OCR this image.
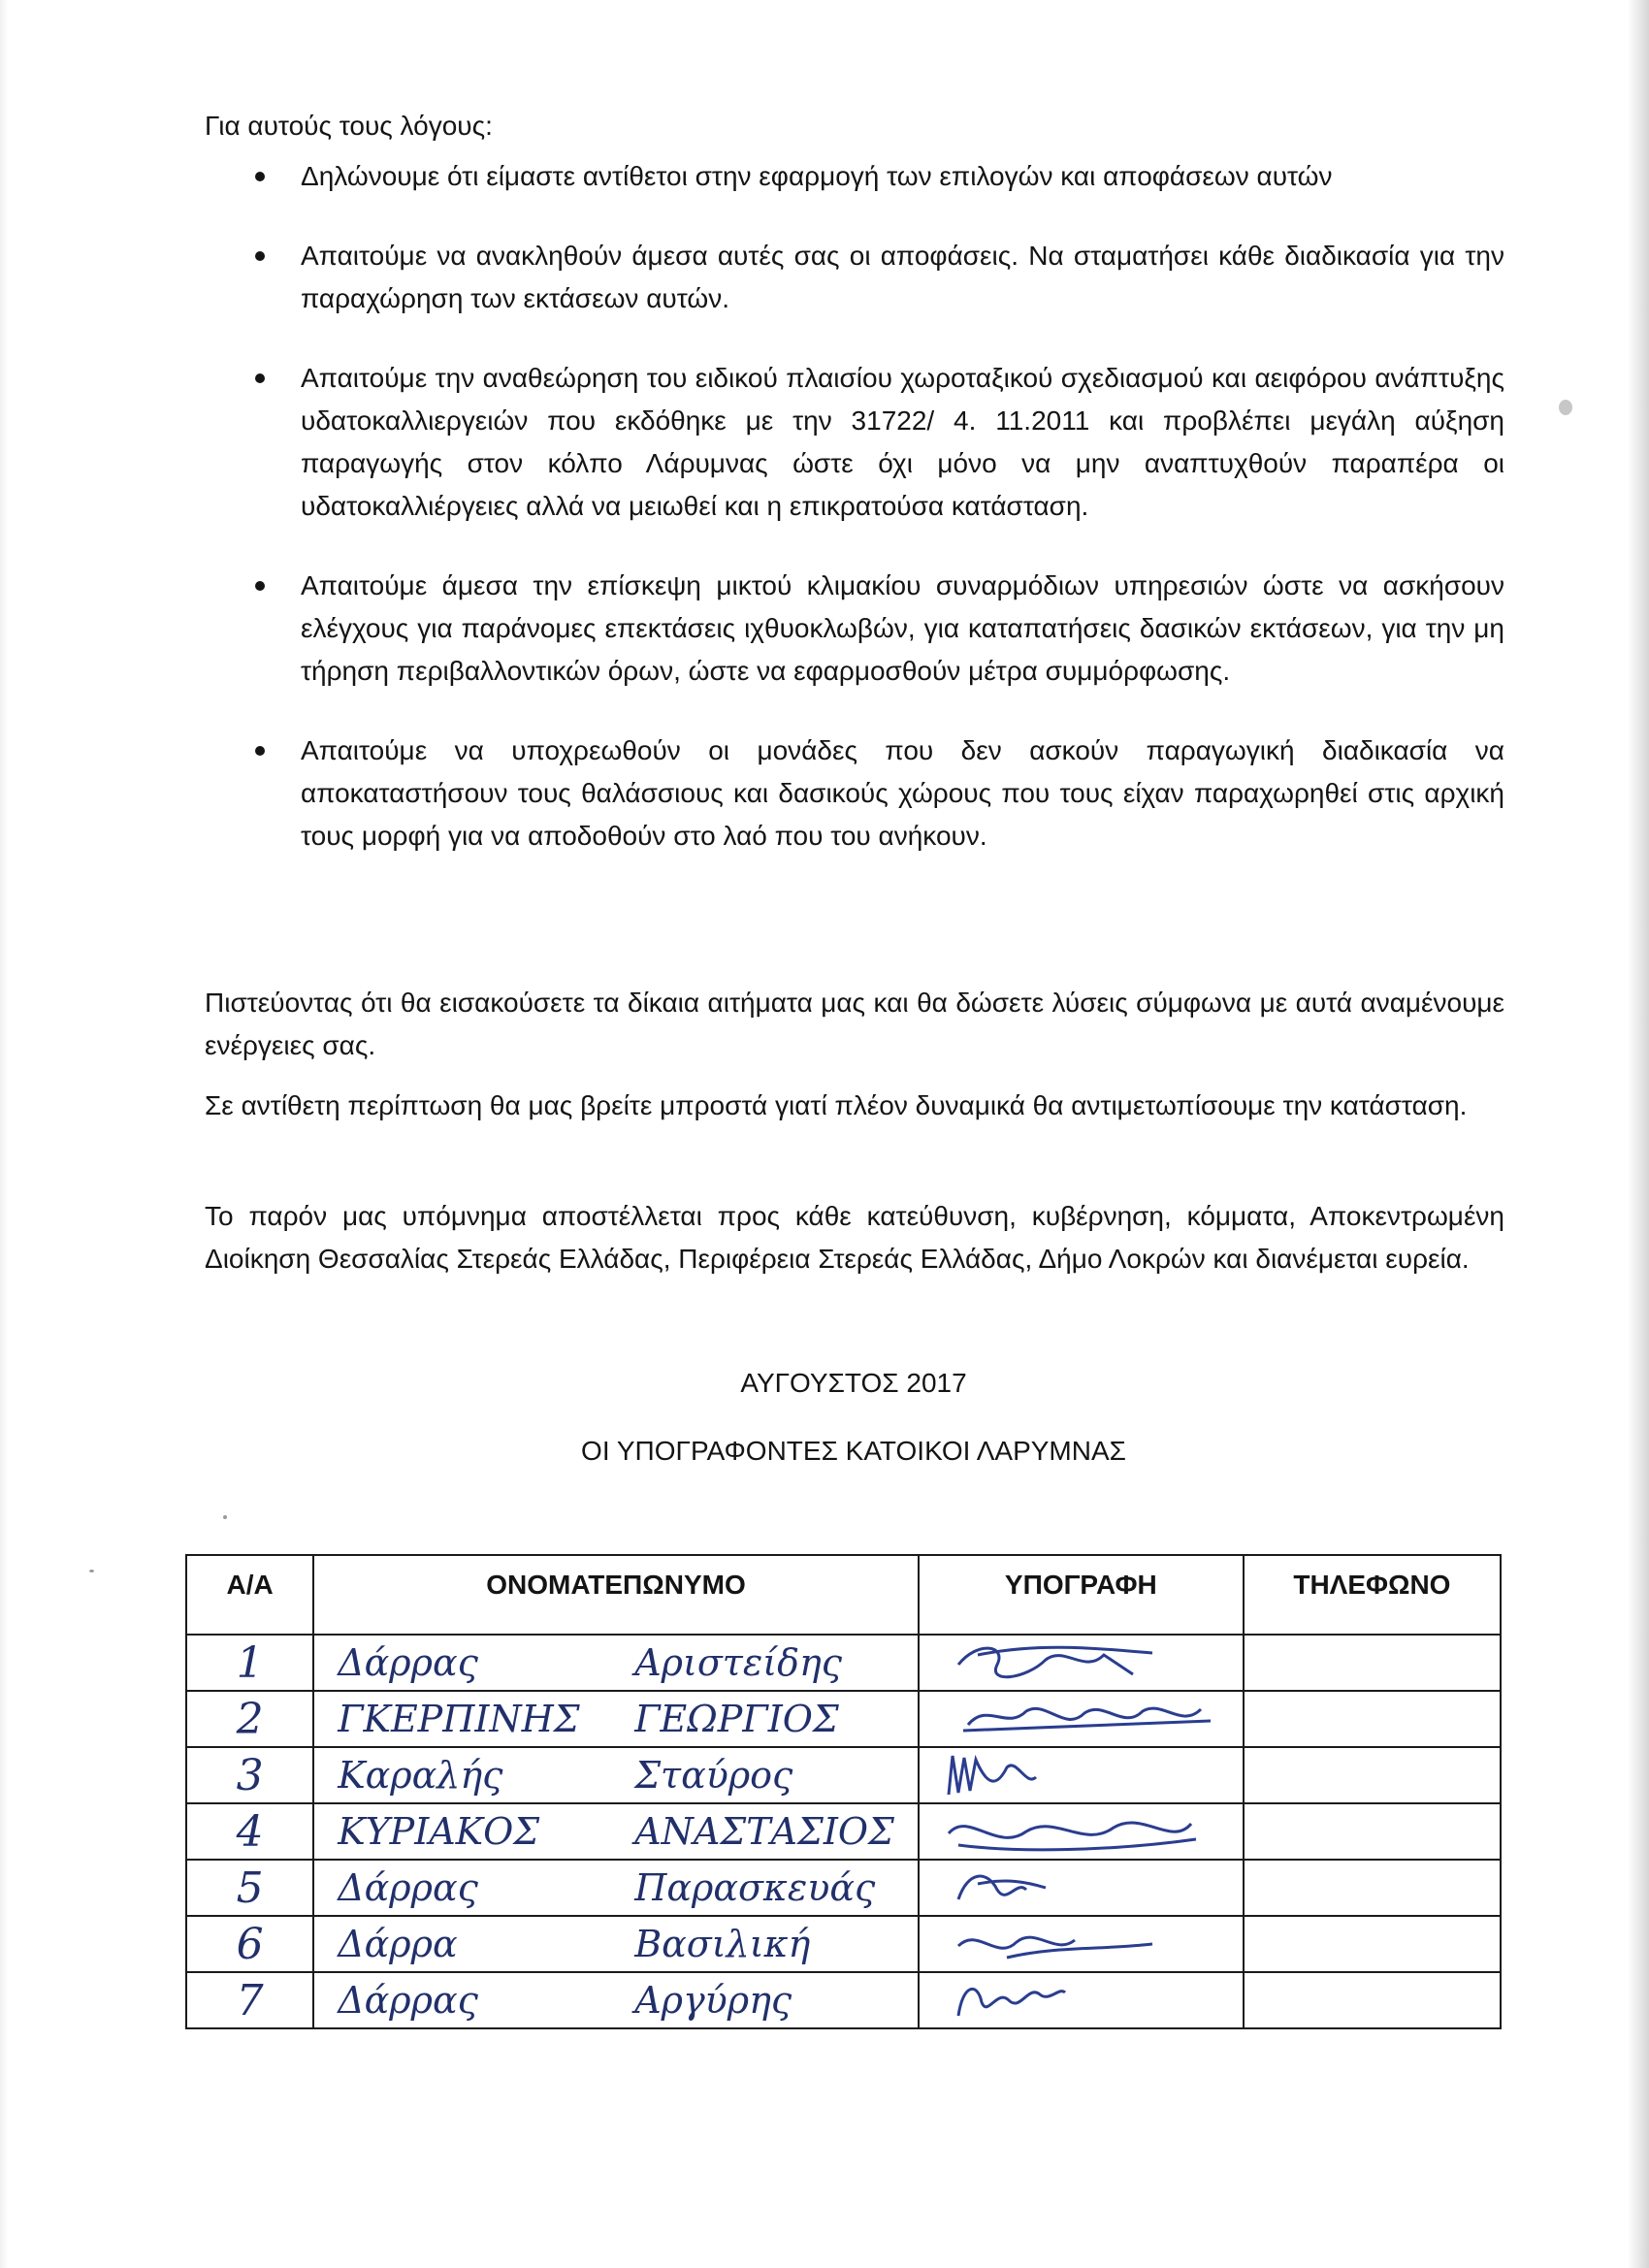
Για αυτούς τους λόγους:
Δηλώνουμε ότι είμαστε αντίθετοι στην εφαρμογή των επιλογών και αποφάσεων αυτών
Απαιτούμε να ανακληθούν άμεσα αυτές σας οι αποφάσεις. Να σταματήσει κάθε διαδικασία για την παραχώρηση των εκτάσεων αυτών.
Απαιτούμε την αναθεώρηση του ειδικού πλαισίου χωροταξικού σχεδιασμού και αειφόρου ανάπτυξης υδατοκαλλιεργειών που εκδόθηκε με την 31722/ 4. 11.2011 και προβλέπει μεγάλη αύξηση παραγωγής στον κόλπο Λάρυμνας ώστε όχι μόνο να μην αναπτυχθούν παραπέρα οι υδατοκαλλιέργειες αλλά να μειωθεί και η επικρατούσα κατάσταση.
Απαιτούμε άμεσα την επίσκεψη μικτού κλιμακίου συναρμόδιων υπηρεσιών ώστε να ασκήσουν ελέγχους για παράνομες επεκτάσεις ιχθυοκλωβών, για καταπατήσεις δασικών εκτάσεων, για την μη τήρηση περιβαλλοντικών όρων, ώστε να εφαρμοσθούν μέτρα συμμόρφωσης.
Απαιτούμε να υποχρεωθούν οι μονάδες που δεν ασκούν παραγωγική διαδικασία να αποκαταστήσουν τους θαλάσσιους και δασικούς χώρους που τους είχαν παραχωρηθεί στις αρχική τους μορφή για να αποδοθούν στο λαό που του ανήκουν.
Πιστεύοντας ότι θα εισακούσετε τα δίκαια αιτήματα μας και θα δώσετε λύσεις σύμφωνα με αυτά αναμένουμε ενέργειες σας.
Σε αντίθετη περίπτωση θα μας βρείτε μπροστά γιατί πλέον δυναμικά θα αντιμετωπίσουμε την κατάσταση.
Το παρόν μας υπόμνημα αποστέλλεται προς κάθε κατεύθυνση, κυβέρνηση, κόμματα, Αποκεντρωμένη Διοίκηση Θεσσαλίας Στερεάς Ελλάδας, Περιφέρεια Στερεάς Ελλάδας, Δήμο Λοκρών και διανέμεται ευρεία.
ΑΥΓΟΥΣΤΟΣ 2017
ΟΙ ΥΠΟΓΡΑΦΟΝΤΕΣ ΚΑΤΟΙΚΟΙ ΛΑΡΥΜΝΑΣ
Α/Α	ΟΝΟΜΑΤΕΠΩΝΥΜΟ	ΥΠΟΓΡΑΦΗ	ΤΗΛΕΦΩΝΟ

1	Δάρρας Αριστείδης

2	ΓΚΕΡΠΙΝΗΣ ΓΕΩΡΓΙΟΣ

3	Καραλής Σταύρος

4	ΚΥΡΙΑΚΟΣ ΑΝΑΣΤΑΣΙΟΣ

5	Δάρρας Παρασκευάς

6	Δάρρα Βασιλική

7	Δάρρας Αργύρης
